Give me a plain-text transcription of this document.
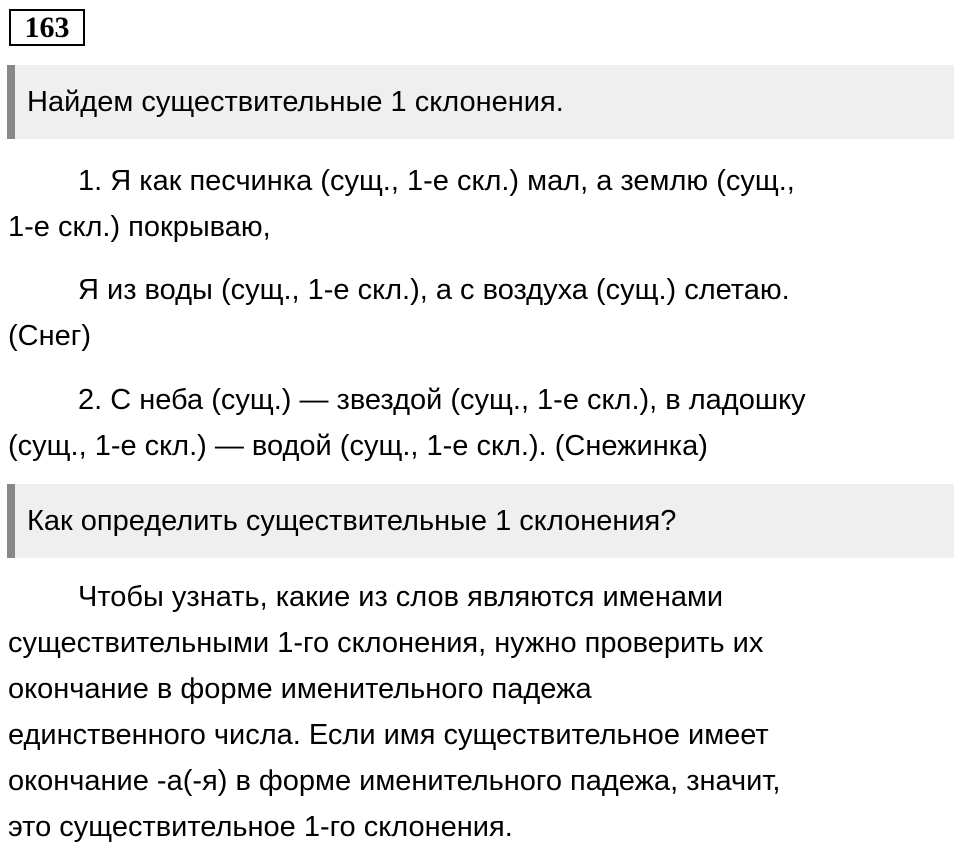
163
Найдем существительные 1 склонения.
1. Я как песчинка (сущ., 1-е скл.) мал, а землю (сущ.,
1-е скл.) покрываю,
Я из воды (сущ., 1-е скл.), а с воздуха (сущ.) слетаю.
(Снег)
2. С неба (сущ.) — звездой (сущ., 1-е скл.), в ладошку
(сущ., 1-е скл.) — водой (сущ., 1-е скл.). (Снежинка)
Как определить существительные 1 склонения?
Чтобы узнать, какие из слов являются именами
существительными 1-го склонения, нужно проверить их
окончание в форме именительного падежа
единственного числа. Если имя существительное имеет
окончание -а(-я) в форме именительного падежа, значит,
это существительное 1-го склонения.
